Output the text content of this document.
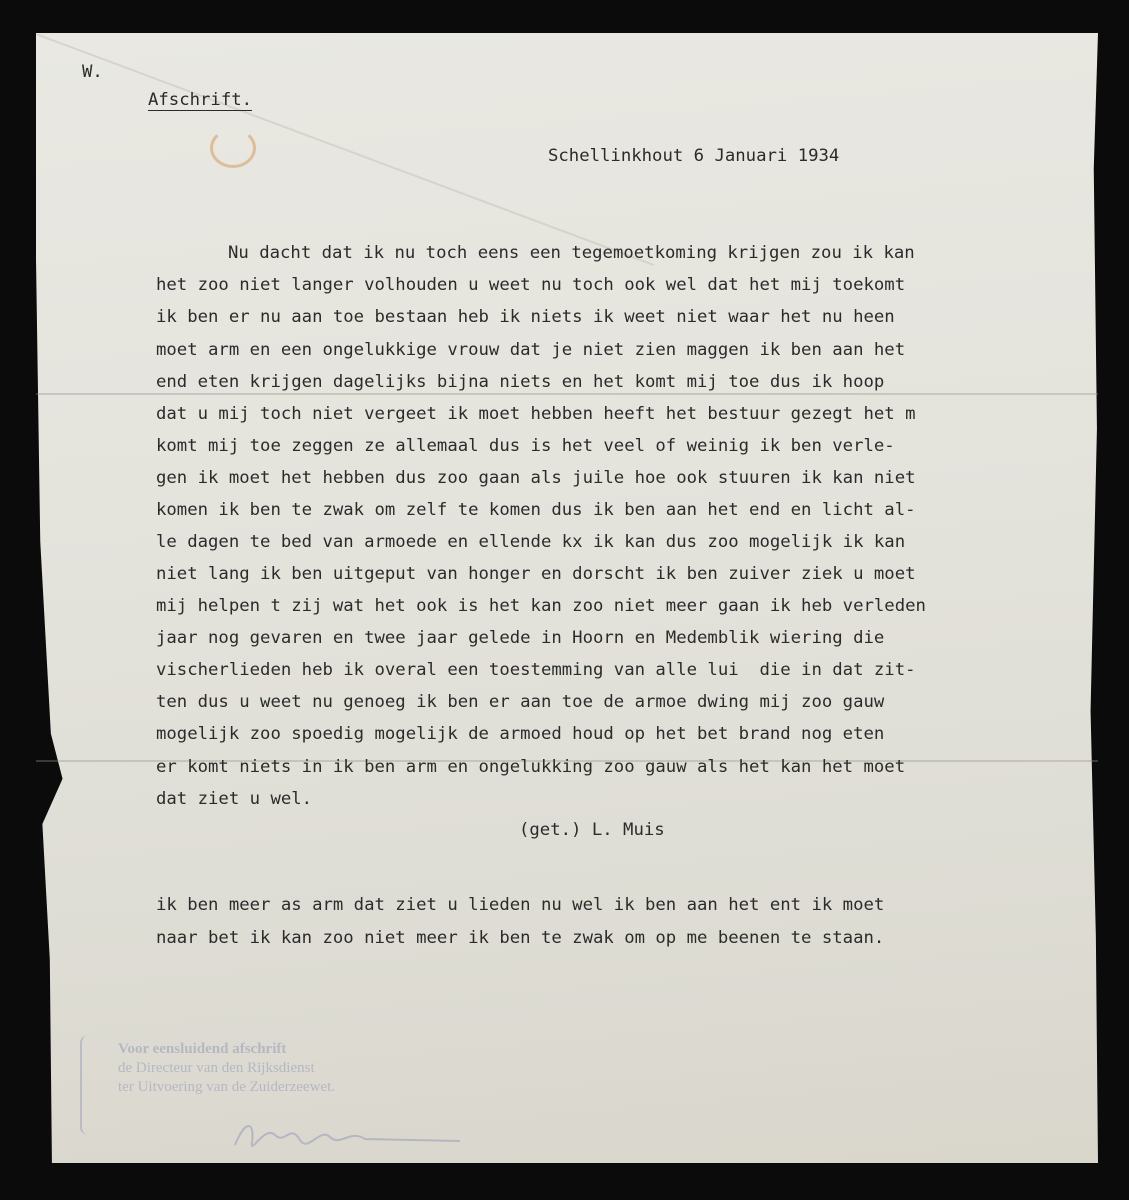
W.

Afschrift.

Schellinkhout 6 Januari 1934

Nu dacht dat ik nu toch eens een tegemoetkoming krijgen zou ik kan

het zoo niet langer volhouden u weet nu toch ook wel dat het mij toekomt

ik ben er nu aan toe bestaan heb ik niets ik weet niet waar het nu heen

moet arm en een ongelukkige vrouw dat je niet zien maggen ik ben aan het

end eten krijgen dagelijks bijna niets en het komt mij toe dus ik hoop

dat u mij toch niet vergeet ik moet hebben heeft het bestuur gezegt het m

komt mij toe zeggen ze allemaal dus is het veel of weinig ik ben verle-

gen ik moet het hebben dus zoo gaan als juile hoe ook stuuren ik kan niet

komen ik ben te zwak om zelf te komen dus ik ben aan het end en licht al-

le dagen te bed van armoede en ellende kx ik kan dus zoo mogelijk ik kan

niet lang ik ben uitgeput van honger en dorscht ik ben zuiver ziek u moet

mij helpen t zij wat het ook is het kan zoo niet meer gaan ik heb verleden

jaar nog gevaren en twee jaar gelede in Hoorn en Medemblik wiering die

vischerlieden heb ik overal een toestemming van alle lui  die in dat zit-

ten dus u weet nu genoeg ik ben er aan toe de armoe dwing mij zoo gauw

mogelijk zoo spoedig mogelijk de armoed houd op het bet brand nog eten

er komt niets in ik ben arm en ongelukking zoo gauw als het kan het moet

dat ziet u wel.

(get.) L. Muis

ik ben meer as arm dat ziet u lieden nu wel ik ben aan het ent ik moet

naar bet ik kan zoo niet meer ik ben te zwak om op me beenen te staan.

Voor eensluidend afschrift
de Directeur van den Rijksdienst
ter Uitvoering van de Zuiderzeewet.
